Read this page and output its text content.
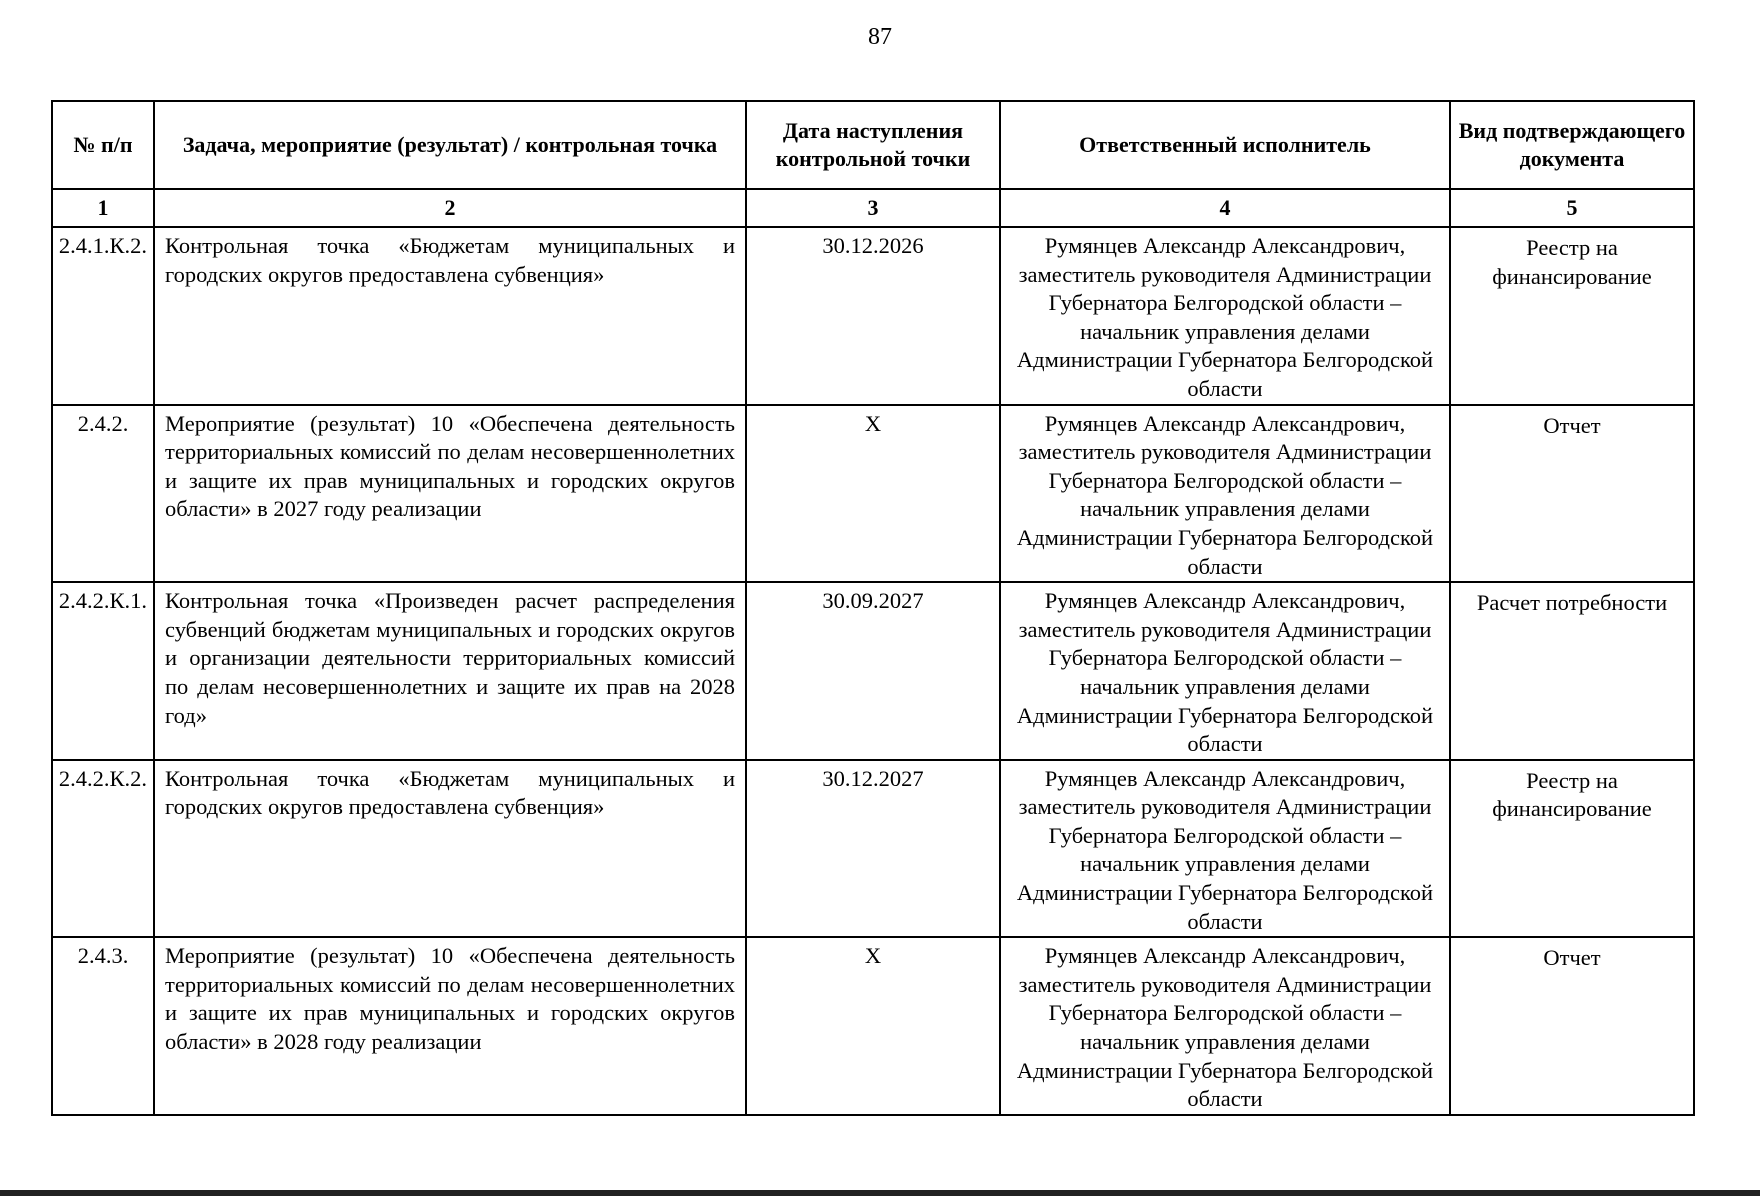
87
№ п/п	Задача, мероприятие (результат) / контрольная точка	Дата наступления контрольной точки	Ответственный исполнитель	Вид подтверждающего документа
1	2	3	4	5
2.4.1.К.2.	Контрольная точка «Бюджетам муниципальных и городских округов предоставлена субвенция»	30.12.2026	Румянцев Александр Александрович, заместитель руководителя Администрации Губернатора Белгородской области – начальник управления делами Администрации Губернатора Белгородской области	Реестр на финансирование
2.4.2.	Мероприятие (результат) 10 «Обеспечена деятельность территориальных комиссий по делам несовершеннолетних и защите их прав муниципальных и городских округов области» в 2027 году реализации	X	Румянцев Александр Александрович, заместитель руководителя Администрации Губернатора Белгородской области – начальник управления делами Администрации Губернатора Белгородской области	Отчет
2.4.2.К.1.	Контрольная точка «Произведен расчет распределения субвенций бюджетам муниципальных и городских округов и организации деятельности территориальных комиссий по делам несовершеннолетних и защите их прав на 2028 год»	30.09.2027	Румянцев Александр Александрович, заместитель руководителя Администрации Губернатора Белгородской области – начальник управления делами Администрации Губернатора Белгородской области	Расчет потребности
2.4.2.К.2.	Контрольная точка «Бюджетам муниципальных и городских округов предоставлена субвенция»	30.12.2027	Румянцев Александр Александрович, заместитель руководителя Администрации Губернатора Белгородской области – начальник управления делами Администрации Губернатора Белгородской области	Реестр на финансирование
2.4.3.	Мероприятие (результат) 10 «Обеспечена деятельность территориальных комиссий по делам несовершеннолетних и защите их прав муниципальных и городских округов области» в 2028 году реализации	X	Румянцев Александр Александрович, заместитель руководителя Администрации Губернатора Белгородской области – начальник управления делами Администрации Губернатора Белгородской области	Отчет
